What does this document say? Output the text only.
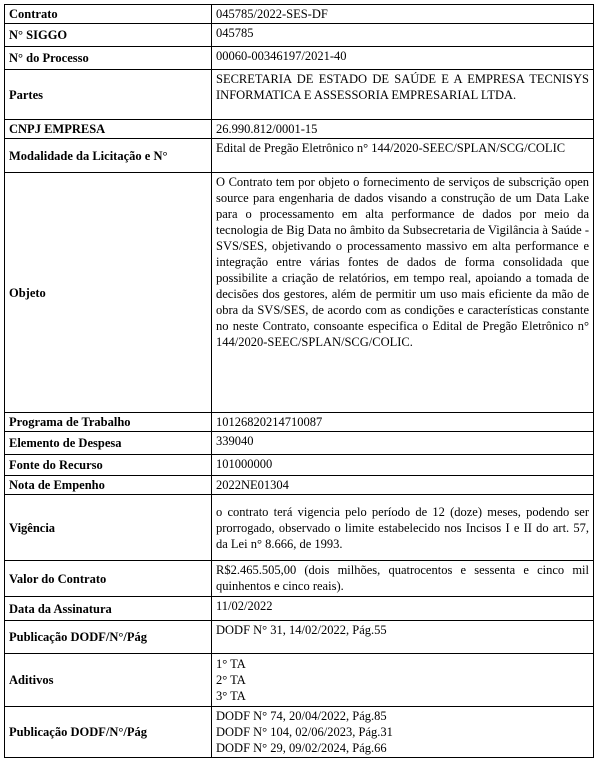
Contrato	045785/2022-SES-DF
N° SIGGO	045785
N° do Processo	00060-00346197/2021-40
Partes	SECRETARIA DE ESTADO DE SAÚDE E A EMPRESA TECNISYS INFORMATICA E ASSESSORIA EMPRESARIAL LTDA.
CNPJ EMPRESA	26.990.812/0001-15
Modalidade da Licitação e N°	Edital de Pregão Eletrônico n° 144/2020-SEEC/SPLAN/SCG/COLIC
Objeto	O Contrato tem por objeto o fornecimento de serviços de subscrição open source para engenharia de dados visando a construção de um Data Lake para o processamento em alta performance de dados por meio da tecnologia de Big Data no âmbito da Subsecretaria de Vigilância à Saúde - SVS/SES, objetivando o processamento massivo em alta performance e integração entre várias fontes de dados de forma consolidada que possibilite a criação de relatórios, em tempo real, apoiando a tomada de decisões dos gestores, além de permitir um uso mais eficiente da mão de obra da SVS/SES, de acordo com as condições e características constante no neste Contrato, consoante especifica o Edital de Pregão Eletrônico n° 144/2020-SEEC/SPLAN/SCG/COLIC.
Programa de Trabalho	10126820214710087
Elemento de Despesa	339040
Fonte do Recurso	101000000
Nota de Empenho	2022NE01304
Vigência	o contrato terá vigencia pelo período de 12 (doze) meses, podendo ser prorrogado, observado o limite estabelecido nos Incisos I e II do art. 57, da Lei n° 8.666, de 1993.
Valor do Contrato	R$2.465.505,00 (dois milhões, quatrocentos e sessenta e cinco mil quinhentos e cinco reais).
Data da Assinatura	11/02/2022
Publicação DODF/N°/Pág	DODF N° 31, 14/02/2022, Pág.55
Aditivos	1° TA
2° TA
3° TA

Publicação DODF/N°/Pág	DODF N° 74, 20/04/2022, Pág.85
DODF N° 104, 02/06/2023, Pág.31
DODF N° 29, 09/02/2024, Pág.66
